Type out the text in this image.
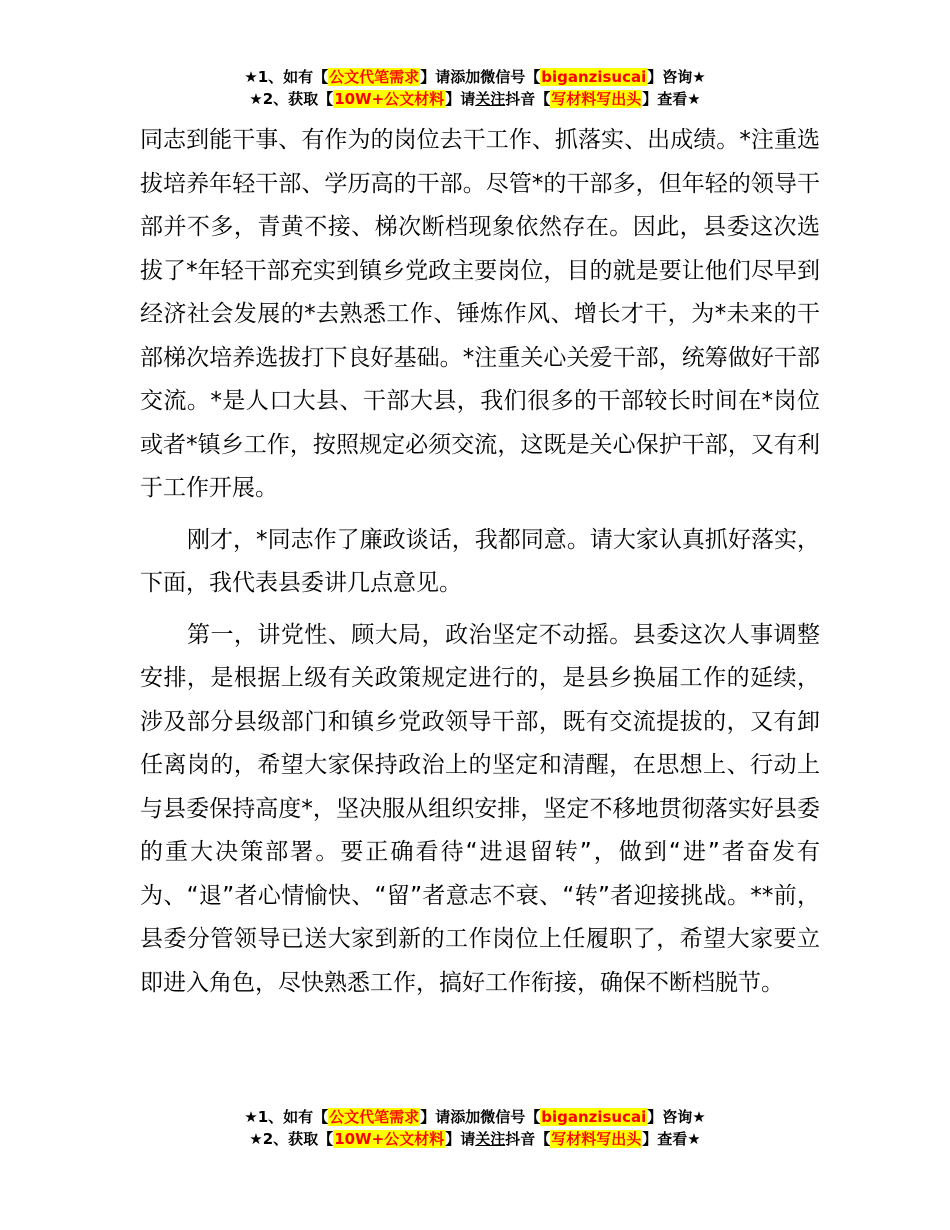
★1、如有【公文代笔需求】请添加微信号【biganzisucai】咨询★
★2、获取【10W+公文材料】请关注抖音【写材料写出头】查看★

同志到能干事、有作为的岗位去干工作、抓落实、出成绩。*注重选拔培养年轻干部、学历高的干部。尽管*的干部多，但年轻的领导干部并不多，青黄不接、梯次断档现象依然存在。因此，县委这次选拔了*年轻干部充实到镇乡党政主要岗位，目的就是要让他们尽早到经济社会发展的*去熟悉工作、锤炼作风、增长才干，为*未来的干部梯次培养选拔打下良好基础。*注重关心关爱干部，统筹做好干部交流。*是人口大县、干部大县，我们很多的干部较长时间在*岗位或者*镇乡工作，按照规定必须交流，这既是关心保护干部，又有利于工作开展。

刚才，*同志作了廉政谈话，我都同意。请大家认真抓好落实，下面，我代表县委讲几点意见。

第一，讲党性、顾大局，政治坚定不动摇。县委这次人事调整安排，是根据上级有关政策规定进行的，是县乡换届工作的延续，涉及部分县级部门和镇乡党政领导干部，既有交流提拔的，又有卸任离岗的，希望大家保持政治上的坚定和清醒，在思想上、行动上与县委保持高度*，坚决服从组织安排，坚定不移地贯彻落实好县委的重大决策部署。要正确看待“进退留转”，做到“进”者奋发有为、“退”者心情愉快、“留”者意志不衰、“转”者迎接挑战。**前，县委分管领导已送大家到新的工作岗位上任履职了，希望大家要立即进入角色，尽快熟悉工作，搞好工作衔接，确保不断档脱节。

★1、如有【公文代笔需求】请添加微信号【biganzisucai】咨询★
★2、获取【10W+公文材料】请关注抖音【写材料写出头】查看★
